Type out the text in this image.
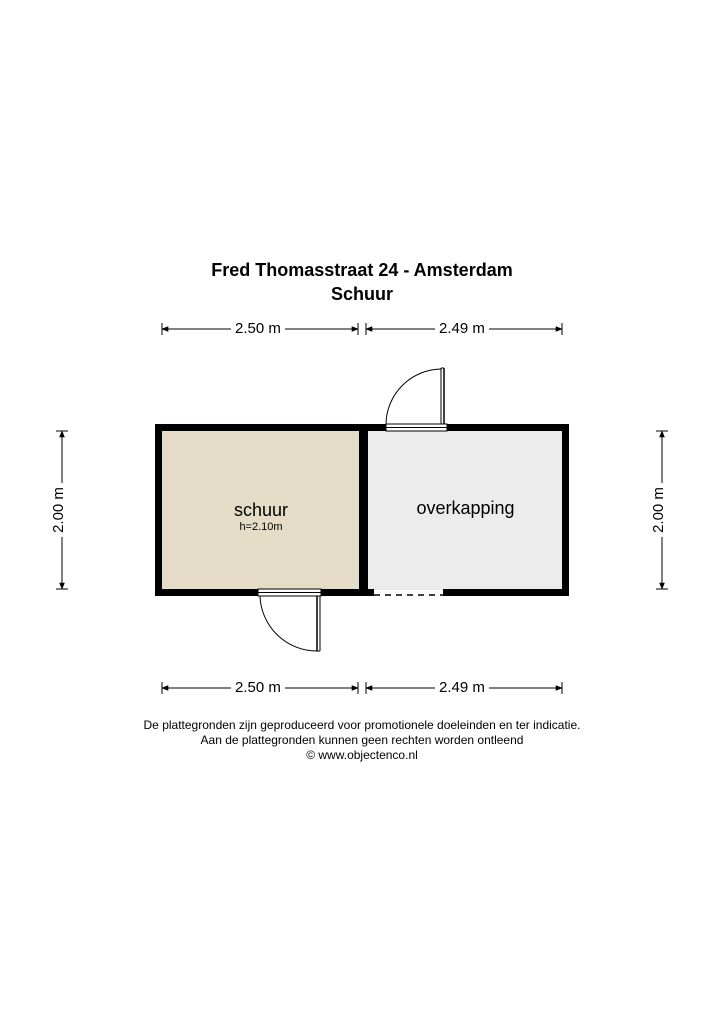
Fred Thomasstraat 24 - Amsterdam
Schuur
2.50 m	2.49 m
2.50 m	2.49 m
2.00 m	2.00 m
schuur
h=2.10m
overkapping
De plattegronden zijn geproduceerd voor promotionele doeleinden en ter indicatie.
Aan de plattegronden kunnen geen rechten worden ontleend
© www.objectenco.nl
